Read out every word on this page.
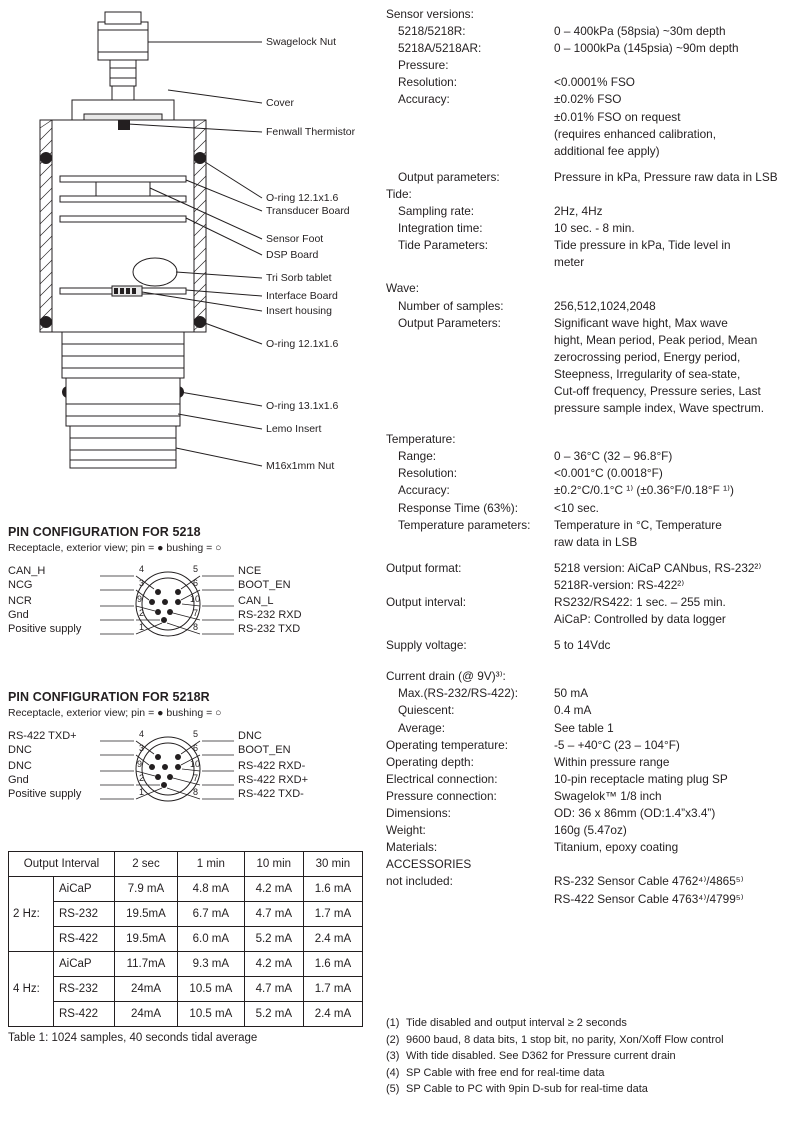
Swagelock Nut
Cover
Fenwall Thermistor
O-ring 12.1x1.6
Transducer Board
Sensor Foot
DSP Board
Tri Sorb tablet
Interface Board
Insert housing
O-ring 12.1x1.6
O-ring 13.1x1.6
Lemo Insert
M16x1mm Nut
PIN CONFIGURATION FOR 5218
Receptacle, exterior view; pin = ● bushing = ○
CAN_H
NCG
NCR
Gnd
Positive supply
4
3
9
2
1
5
6
10
7
8
NCE
BOOT_EN
CAN_L
RS-232 RXD
RS-232 TXD
PIN CONFIGURATION FOR 5218R
Receptacle, exterior view; pin = ● bushing = ○
RS-422 TXD+
DNC
DNC
Gnd
Positive supply
4
3
9
2
1
5
6
10
7
8
DNC
BOOT_EN
RS-422 RXD-
RS-422 RXD+
RS-422 TXD-
Output Interval		2 sec	1 min	10 min	30 min
2 Hz:	AiCaP	7.9 mA	4.8 mA	4.2 mA	1.6 mA
	RS-232	19.5mA	6.7 mA	4.7 mA	1.7 mA
	RS-422	19.5mA	6.0 mA	5.2 mA	2.4 mA
4 Hz:	AiCaP	11.7mA	9.3 mA	4.2 mA	1.6 mA
	RS-232	24mA	10.5 mA	4.7 mA	1.7 mA
	RS-422	24mA	10.5 mA	5.2 mA	2.4 mA
Table 1: 1024 samples, 40 seconds tidal average
Sensor versions:
5218/5218R:	0 – 400kPa (58psia) ~30m depth
5218A/5218AR:	0 – 1000kPa (145psia) ~90m depth
Pressure:
Resolution:	<0.0001% FSO
Accuracy:	±0.02% FSO
±0.01% FSO on request
(requires enhanced calibration,
additional fee apply)
Output parameters:	Pressure in kPa, Pressure raw data in LSB
Tide:
Sampling rate:	2Hz, 4Hz
Integration time:	10 sec. - 8 min.
Tide Parameters:	Tide pressure in kPa, Tide level in
meter
Wave:
Number of samples:	256,512,1024,2048
Output Parameters:	Significant wave hight, Max wave
hight, Mean period, Peak period, Mean
zerocrossing period, Energy period,
Steepness, Irregularity of sea-state,
Cut-off frequency, Pressure series, Last
pressure sample index, Wave spectrum.
Temperature:
Range:	0 – 36°C (32 – 96.8°F)
Resolution:	<0.001°C (0.0018°F)
Accuracy:	±0.2°C/0.1°C ¹⁾ (±0.36°F/0.18°F ¹⁾)
Response Time (63%):	<10 sec.
Temperature parameters:	Temperature in °C, Temperature
raw data in LSB
Output format:	5218 version: AiCaP CANbus, RS-232²⁾
5218R-version: RS-422²⁾
Output interval:	RS232/RS422: 1 sec. – 255 min.
AiCaP: Controlled by data logger
Supply voltage:	5 to 14Vdc
Current drain (@ 9V)³⁾:
Max.(RS-232/RS-422):	50 mA
Quiescent:	0.4 mA
Average:	See table 1
Operating temperature:	-5 – +40°C (23 – 104°F)
Operating depth:	Within pressure range
Electrical connection:	10-pin receptacle mating plug SP
Pressure connection:	Swagelok™ 1/8 inch
Dimensions:	OD: 36 x 86mm (OD:1.4”x3.4”)
Weight:	160g (5.47oz)
Materials:	Titanium, epoxy coating
ACCESSORIES
not included:	RS-232 Sensor Cable 4762⁴⁾/4865⁵⁾
RS-422 Sensor Cable 4763⁴⁾/4799⁵⁾
(1) Tide disabled and output interval ≥ 2 seconds
(2) 9600 baud, 8 data bits, 1 stop bit, no parity, Xon/Xoff Flow control
(3) With tide disabled. See D362 for Pressure current drain
(4) SP Cable with free end for real-time data
(5) SP Cable to PC with 9pin D-sub for real-time data
